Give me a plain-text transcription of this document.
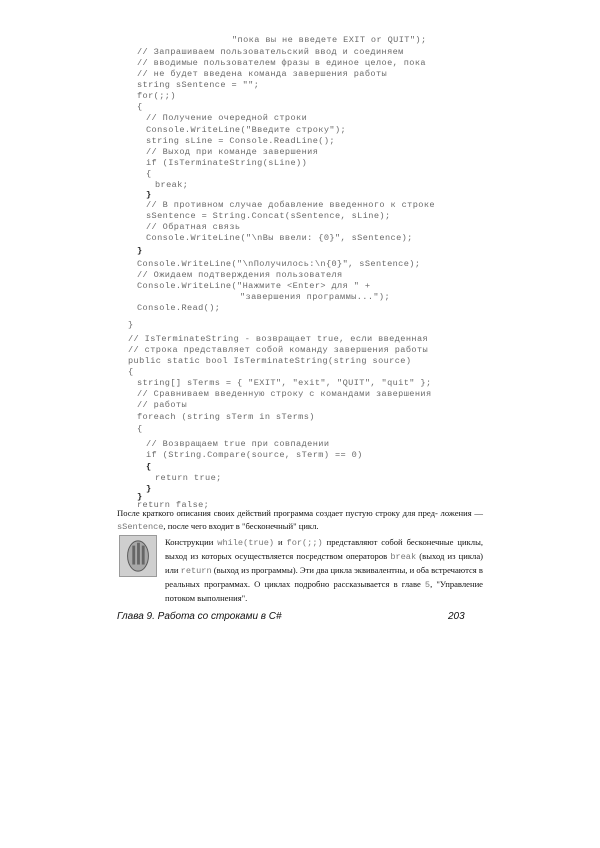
"пока вы не введете EXIT or QUIT");
// Запрашиваем пользовательский ввод и соединяем
// вводимые пользователем фразы в единое целое, пока
// не будет введена команда завершения работы
string sSentence = "";
for(;;)
{
// Получение очередной строки
Console.WriteLine("Введите строку");
string sLine = Console.ReadLine();
// Выход при команде завершения
if (IsTerminateString(sLine))
{
break;
}
// В противном случае добавление введенного к строке
sSentence = String.Concat(sSentence, sLine);
// Обратная связь
Console.WriteLine("\nВы ввели: {0}", sSentence);
}
Console.WriteLine("\nПолучилось:\n{0}", sSentence);
// Ожидаем подтверждения пользователя
Console.WriteLine("Нажмите <Enter> для " +
"завершения программы...");
Console.Read();
}
// IsTerminateString - возвращает true, если введенная
// строка представляет собой команду завершения работы
public static bool IsTerminateString(string source)
{
string[] sTerms = { "EXIT", "exit", "QUIT", "quit" };
// Сравниваем введенную строку с командами завершения
// работы
foreach (string sTerm in sTerms)
{
// Возвращаем true при совпадении
if (String.Compare(source, sTerm) == 0)
{
return true;
}
}
return false;
После краткого описания своих действий программа создает пустую строку для пред- ложения — sSentence, после чего входит в "бесконечный" цикл.
Конструкции while(true) и for(;;) представляют собой бесконечные циклы, выход из которых осуществляется посредством операторов break (выход из цикла) или return (выход из программы). Эти два цикла эквивалентны, и оба встречаются в реальных программах. О циклах подробно рассказывается в главе 5, "Управление потоком выполнения".
Глава 9. Работа со строками в C#	203
